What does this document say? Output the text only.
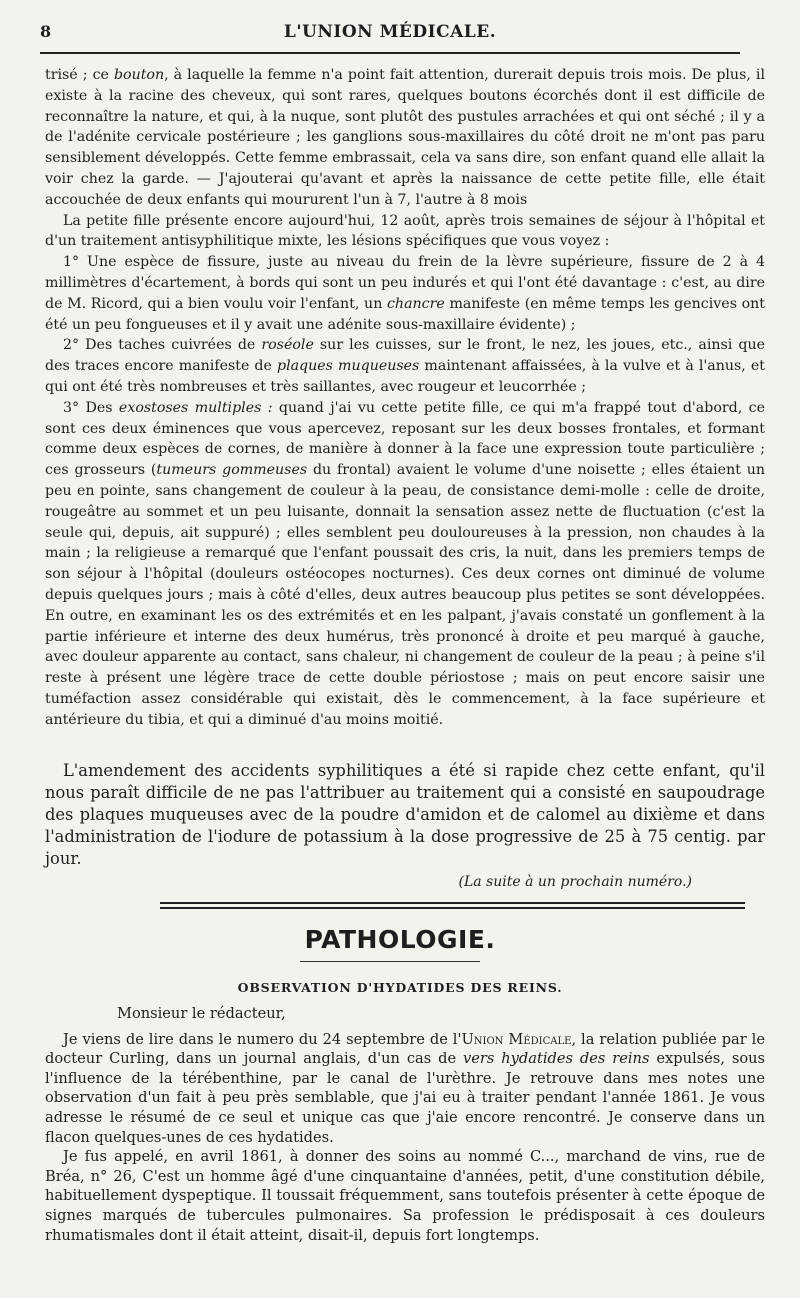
8	L'UNION MÉDICALE.

trisé ; ce bouton, à laquelle la femme n'a point fait attention, durerait depuis trois mois. De plus, il existe à la racine des cheveux, qui sont rares, quelques boutons écorchés dont il est difficile de reconnaître la nature, et qui, à la nuque, sont plutôt des pustules arrachées et qui ont séché ; il y a de l'adénite cervicale postérieure ; les ganglions sous-maxillaires du côté droit ne m'ont pas paru sensiblement développés. Cette femme embrassait, cela va sans dire, son enfant quand elle allait la voir chez la garde. — J'ajouterai qu'avant et après la naissance de cette petite fille, elle était accouchée de deux enfants qui moururent l'un à 7, l'autre à 8 mois

La petite fille présente encore aujourd'hui, 12 août, après trois semaines de séjour à l'hôpital et d'un traitement antisyphilitique mixte, les lésions spécifiques que vous voyez :

1° Une espèce de fissure, juste au niveau du frein de la lèvre supérieure, fissure de 2 à 4 millimètres d'écartement, à bords qui sont un peu indurés et qui l'ont été davantage : c'est, au dire de M. Ricord, qui a bien voulu voir l'enfant, un chancre manifeste (en même temps les gencives ont été un peu fongueuses et il y avait une adénite sous-maxillaire évidente) ;

2° Des taches cuivrées de roséole sur les cuisses, sur le front, le nez, les joues, etc., ainsi que des traces encore manifeste de plaques muqueuses maintenant affaissées, à la vulve et à l'anus, et qui ont été très nombreuses et très saillantes, avec rougeur et leucorrhée ;

3° Des exostoses multiples : quand j'ai vu cette petite fille, ce qui m'a frappé tout d'abord, ce sont ces deux éminences que vous apercevez, reposant sur les deux bosses frontales, et formant comme deux espèces de cornes, de manière à donner à la face une expression toute particulière ; ces grosseurs (tumeurs gommeuses du frontal) avaient le volume d'une noisette ; elles étaient un peu en pointe, sans changement de couleur à la peau, de consistance demi-molle : celle de droite, rougeâtre au sommet et un peu luisante, donnait la sensation assez nette de fluctuation (c'est la seule qui, depuis, ait suppuré) ; elles semblent peu douloureuses à la pression, non chaudes à la main ; la religieuse a remarqué que l'enfant poussait des cris, la nuit, dans les premiers temps de son séjour à l'hôpital (douleurs ostéocopes nocturnes). Ces deux cornes ont diminué de volume depuis quelques jours ; mais à côté d'elles, deux autres beaucoup plus petites se sont développées. En outre, en examinant les os des extrémités et en les palpant, j'avais constaté un gonflement à la partie inférieure et interne des deux humérus, très prononcé à droite et peu marqué à gauche, avec douleur apparente au contact, sans chaleur, ni changement de couleur de la peau ; à peine s'il reste à présent une légère trace de cette double périostose ; mais on peut encore saisir une tuméfaction assez considérable qui existait, dès le commencement, à la face supérieure et antérieure du tibia, et qui a diminué d'au moins moitié.

L'amendement des accidents syphilitiques a été si rapide chez cette enfant, qu'il nous paraît difficile de ne pas l'attribuer au traitement qui a consisté en saupoudrage des plaques muqueuses avec de la poudre d'amidon et de calomel au dixième et dans l'administration de l'iodure de potassium à la dose progressive de 25 à 75 centig. par jour.

(La suite à un prochain numéro.)
PATHOLOGIE.
OBSERVATION D'HYDATIDES DES REINS.

Monsieur le rédacteur,

Je viens de lire dans le numero du 24 septembre de l'Union Médicale, la relation publiée par le docteur Curling, dans un journal anglais, d'un cas de vers hydatides des reins expulsés, sous l'influence de la térébenthine, par le canal de l'urèthre. Je retrouve dans mes notes une observation d'un fait à peu près semblable, que j'ai eu à traiter pendant l'année 1861. Je vous adresse le résumé de ce seul et unique cas que j'aie encore rencontré. Je conserve dans un flacon quelques-unes de ces hydatides.

Je fus appelé, en avril 1861, à donner des soins au nommé C..., marchand de vins, rue de Bréa, n° 26, C'est un homme âgé d'une cinquantaine d'années, petit, d'une constitution débile, habituellement dyspeptique. Il toussait fréquemment, sans toutefois présenter à cette époque de signes marqués de tubercules pulmonaires. Sa profession le prédisposait à ces douleurs rhumatismales dont il était atteint, disait-il, depuis fort longtemps.
